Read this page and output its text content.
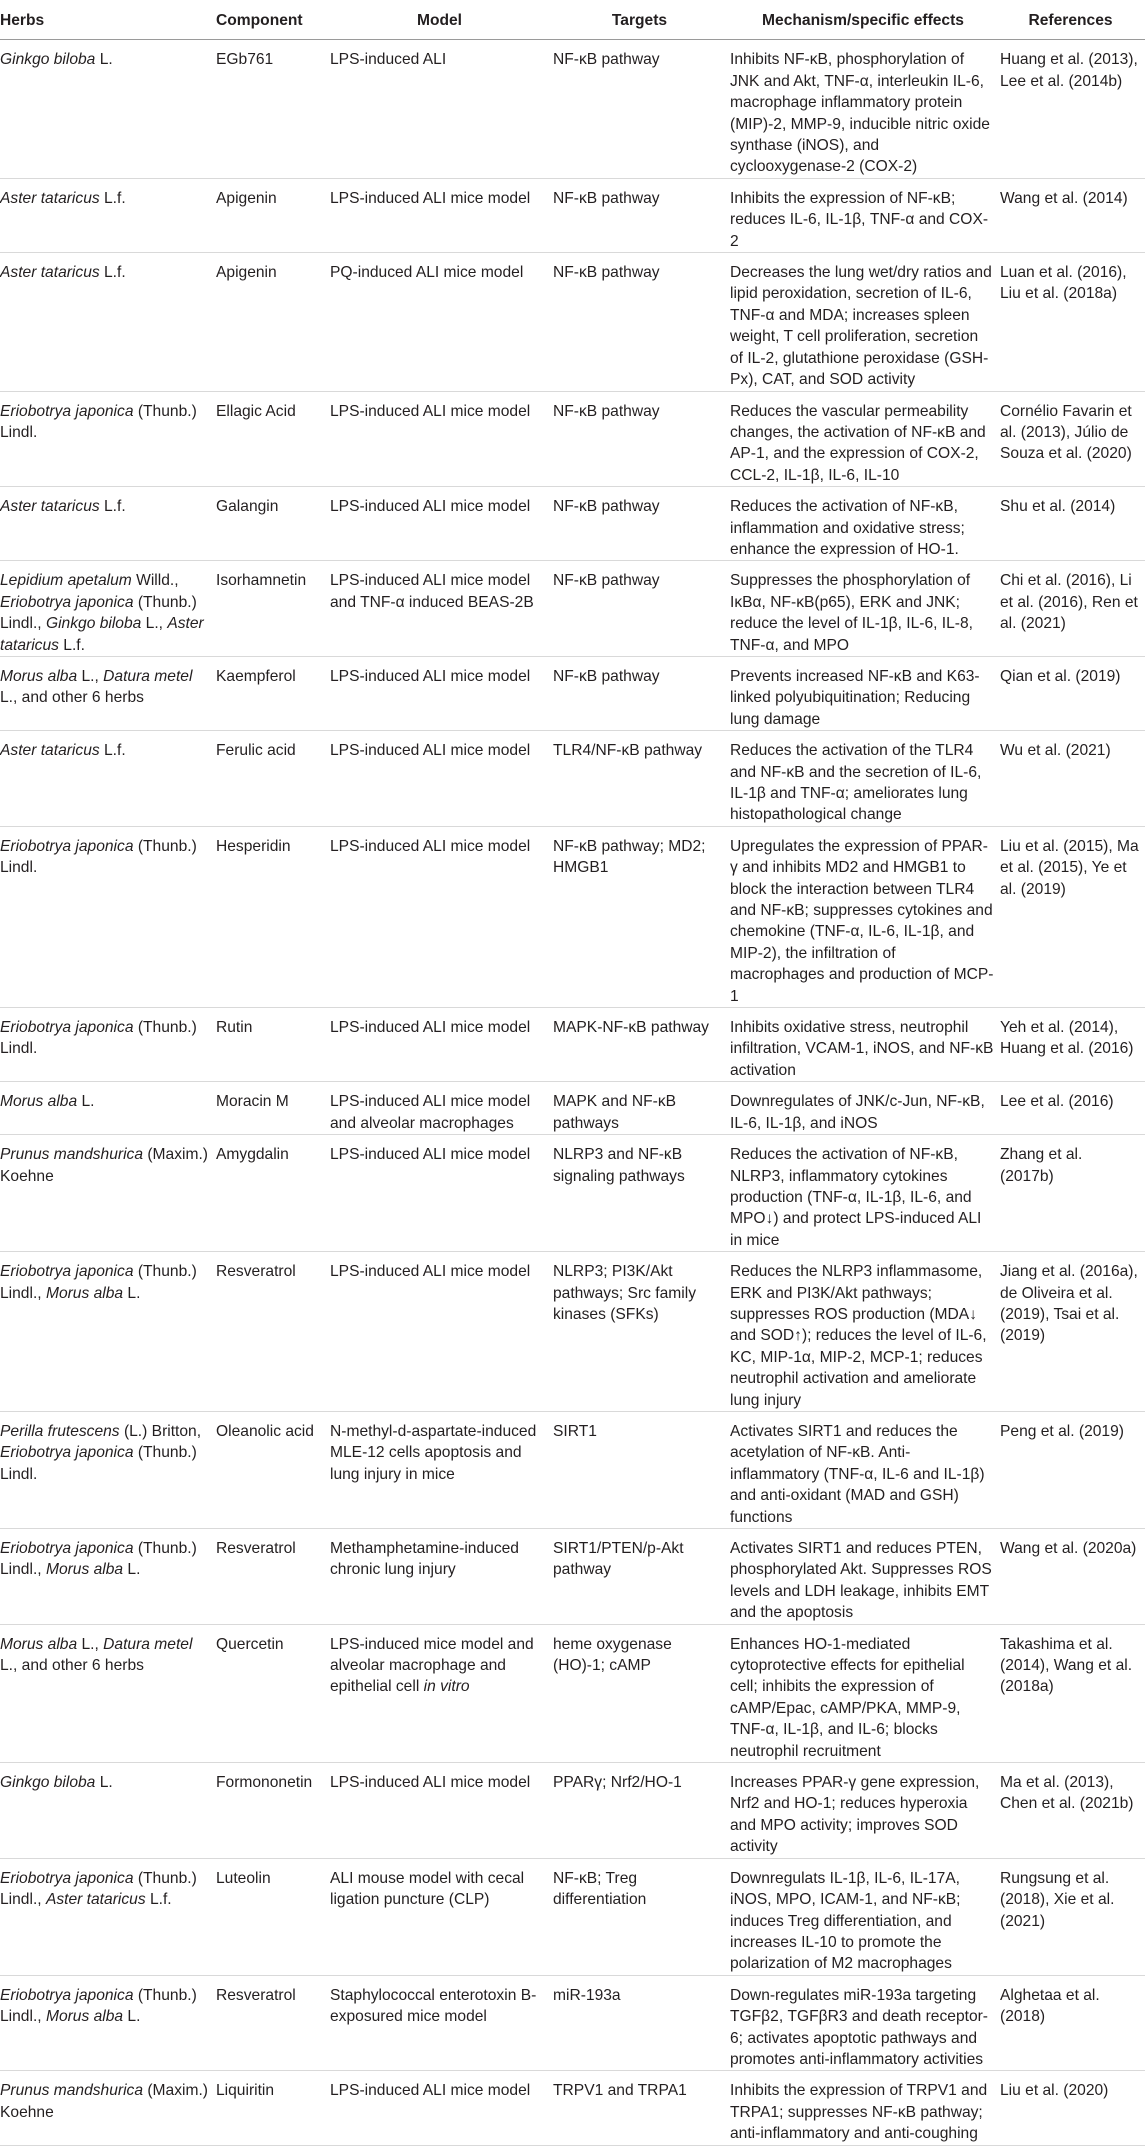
Herbs	Component	Model	Targets	Mechanism/specific effects	References
Ginkgo biloba L.	EGb761	LPS-induced ALI	NF-κB pathway	Inhibits NF-κB, phosphorylation of JNK and Akt, TNF-α, interleukin IL-6, macrophage inflammatory protein (MIP)-2, MMP-9, inducible nitric oxide synthase (iNOS), and cyclooxygenase-2 (COX-2)	Huang et al. (2013), Lee et al. (2014b)
Aster tataricus L.f.	Apigenin	LPS-induced ALI mice model	NF-κB pathway	Inhibits the expression of NF-κB; reduces IL-6, IL-1β, TNF-α and COX-2	Wang et al. (2014)
Aster tataricus L.f.	Apigenin	PQ-induced ALI mice model	NF-κB pathway	Decreases the lung wet/dry ratios and lipid peroxidation, secretion of IL-6, TNF-α and MDA; increases spleen weight, T cell proliferation, secretion of IL-2, glutathione peroxidase (GSH-Px), CAT, and SOD activity	Luan et al. (2016), Liu et al. (2018a)
Eriobotrya japonica (Thunb.) Lindl.	Ellagic Acid	LPS-induced ALI mice model	NF-κB pathway	Reduces the vascular permeability changes, the activation of NF-κB and AP-1, and the expression of COX-2, CCL-2, IL-1β, IL-6, IL-10	Cornélio Favarin et al. (2013), Júlio de Souza et al. (2020)
Aster tataricus L.f.	Galangin	LPS-induced ALI mice model	NF-κB pathway	Reduces the activation of NF-κB, inflammation and oxidative stress; enhance the expression of HO-1.	Shu et al. (2014)
Lepidium apetalum Willd., Eriobotrya japonica (Thunb.) Lindl., Ginkgo biloba L., Aster tataricus L.f.	Isorhamnetin	LPS-induced ALI mice model and TNF-α induced BEAS-2B	NF-κB pathway	Suppresses the phosphorylation of IκBα, NF-κB(p65), ERK and JNK; reduce the level of IL-1β, IL-6, IL-8, TNF-α, and MPO	Chi et al. (2016), Li et al. (2016), Ren et al. (2021)
Morus alba L., Datura metel L., and other 6 herbs	Kaempferol	LPS-induced ALI mice model	NF-κB pathway	Prevents increased NF-κB and K63-linked polyubiquitination; Reducing lung damage	Qian et al. (2019)
Aster tataricus L.f.	Ferulic acid	LPS-induced ALI mice model	TLR4/NF-κB pathway	Reduces the activation of the TLR4 and NF-κB and the secretion of IL-6, IL-1β and TNF-α; ameliorates lung histopathological change	Wu et al. (2021)
Eriobotrya japonica (Thunb.) Lindl.	Hesperidin	LPS-induced ALI mice model	NF-κB pathway; MD2; HMGB1	Upregulates the expression of PPAR-γ and inhibits MD2 and HMGB1 to block the interaction between TLR4 and NF-κB; suppresses cytokines and chemokine (TNF-α, IL-6, IL-1β, and MIP-2), the infiltration of macrophages and production of MCP-1	Liu et al. (2015), Ma et al. (2015), Ye et al. (2019)
Eriobotrya japonica (Thunb.) Lindl.	Rutin	LPS-induced ALI mice model	MAPK-NF-κB pathway	Inhibits oxidative stress, neutrophil infiltration, VCAM-1, iNOS, and NF-κB activation	Yeh et al. (2014), Huang et al. (2016)
Morus alba L.	Moracin M	LPS-induced ALI mice model and alveolar macrophages	MAPK and NF-κB pathways	Downregulates of JNK/c-Jun, NF-κB, IL-6, IL-1β, and iNOS	Lee et al. (2016)
Prunus mandshurica (Maxim.) Koehne	Amygdalin	LPS-induced ALI mice model	NLRP3 and NF-κB signaling pathways	Reduces the activation of NF-κB, NLRP3, inflammatory cytokines production (TNF-α, IL-1β, IL-6, and MPO↓) and protect LPS-induced ALI in mice	Zhang et al. (2017b)
Eriobotrya japonica (Thunb.) Lindl., Morus alba L.	Resveratrol	LPS-induced ALI mice model	NLRP3; PI3K/Akt pathways; Src family kinases (SFKs)	Reduces the NLRP3 inflammasome, ERK and PI3K/Akt pathways; suppresses ROS production (MDA↓ and SOD↑); reduces the level of IL-6, KC, MIP-1α, MIP-2, MCP-1; reduces neutrophil activation and ameliorate lung injury	Jiang et al. (2016a), de Oliveira et al. (2019), Tsai et al. (2019)
Perilla frutescens (L.) Britton, Eriobotrya japonica (Thunb.) Lindl.	Oleanolic acid	N-methyl-d-aspartate-induced MLE-12 cells apoptosis and lung injury in mice	SIRT1	Activates SIRT1 and reduces the acetylation of NF-κB. Anti-inflammatory (TNF-α, IL-6 and IL-1β) and anti-oxidant (MAD and GSH) functions	Peng et al. (2019)
Eriobotrya japonica (Thunb.) Lindl., Morus alba L.	Resveratrol	Methamphetamine-induced chronic lung injury	SIRT1/PTEN/p-Akt pathway	Activates SIRT1 and reduces PTEN, phosphorylated Akt. Suppresses ROS levels and LDH leakage, inhibits EMT and the apoptosis	Wang et al. (2020a)
Morus alba L., Datura metel L., and other 6 herbs	Quercetin	LPS-induced mice model and alveolar macrophage and epithelial cell in vitro	heme oxygenase (HO)-1; cAMP	Enhances HO-1-mediated cytoprotective effects for epithelial cell; inhibits the expression of cAMP/Epac, cAMP/PKA, MMP-9, TNF-α, IL-1β, and IL-6; blocks neutrophil recruitment	Takashima et al. (2014), Wang et al. (2018a)
Ginkgo biloba L.	Formononetin	LPS-induced ALI mice model	PPARγ; Nrf2/HO-1	Increases PPAR-γ gene expression, Nrf2 and HO-1; reduces hyperoxia and MPO activity; improves SOD activity	Ma et al. (2013), Chen et al. (2021b)
Eriobotrya japonica (Thunb.) Lindl., Aster tataricus L.f.	Luteolin	ALI mouse model with cecal ligation puncture (CLP)	NF-κB; Treg differentiation	Downregulats IL-1β, IL-6, IL-17A, iNOS, MPO, ICAM-1, and NF-κB; induces Treg differentiation, and increases IL-10 to promote the polarization of M2 macrophages	Rungsung et al. (2018), Xie et al. (2021)
Eriobotrya japonica (Thunb.) Lindl., Morus alba L.	Resveratrol	Staphylococcal enterotoxin B-exposured mice model	miR-193a	Down-regulates miR-193a targeting TGFβ2, TGFβR3 and death receptor-6; activates apoptotic pathways and promotes anti-inflammatory activities	Alghetaa et al. (2018)
Prunus mandshurica (Maxim.) Koehne	Liquiritin	LPS-induced ALI mice model	TRPV1 and TRPA1	Inhibits the expression of TRPV1 and TRPA1; suppresses NF-κB pathway; anti-inflammatory and anti-coughing	Liu et al. (2020)
